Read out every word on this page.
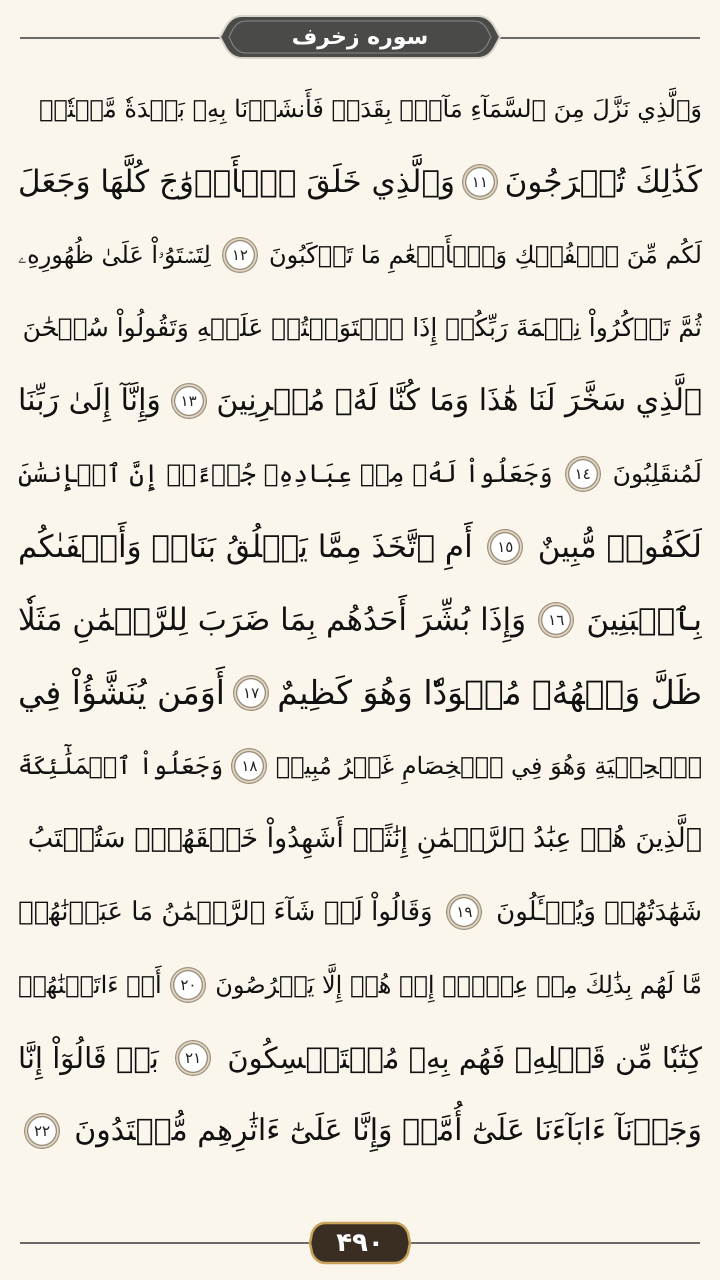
سوره زخرف
وَٱلَّذِي نَزَّلَ مِنَ ٱلسَّمَآءِ مَآءَۢ بِقَدَرٖ فَأَنشَرۡنَا بِهِۦ بَلۡدَةٗ مَّيۡتٗاۚ
كَذَٰلِكَ تُخۡرَجُونَ
١١
وَٱلَّذِي خَلَقَ ٱلۡأَزۡوَٰجَ كُلَّهَا وَجَعَلَ
لَكُم مِّنَ ٱلۡفُلۡكِ وَٱلۡأَنۡعَٰمِ مَا تَرۡكَبُونَ
١٢
لِتَسۡتَوُۥاْ عَلَىٰ ظُهُورِهِۦ
ثُمَّ تَذۡكُرُواْ نِعۡمَةَ رَبِّكُمۡ إِذَا ٱسۡتَوَيۡتُمۡ عَلَيۡهِ وَتَقُولُواْ سُبۡحَٰنَ
ٱلَّذِي سَخَّرَ لَنَا هَٰذَا وَمَا كُنَّا لَهُۥ مُقۡرِنِينَ
١٣
وَإِنَّآ إِلَىٰ رَبِّنَا
لَمُنقَلِبُونَ
١٤
وَجَعَلُواْ لَهُۥ مِنۡ عِبَادِهِۦ جُزۡءًاۚ إِنَّ ٱلۡإِنسَٰنَ
لَكَفُورٞ مُّبِينٌ
١٥
أَمِ ٱتَّخَذَ مِمَّا يَخۡلُقُ بَنَاتٖ وَأَصۡفَىٰكُم
بِٱلۡبَنِينَ
١٦
وَإِذَا بُشِّرَ أَحَدُهُم بِمَا ضَرَبَ لِلرَّحۡمَٰنِ مَثَلٗا
ظَلَّ وَجۡهُهُۥ مُسۡوَدّٗا وَهُوَ كَظِيمٌ
١٧
أَوَمَن يُنَشَّؤُاْ فِي
ٱلۡحِلۡيَةِ وَهُوَ فِي ٱلۡخِصَامِ غَيۡرُ مُبِينٖ
١٨
وَجَعَلُواْ ٱلۡمَلَٰٓئِكَةَ
ٱلَّذِينَ هُمۡ عِبَٰدُ ٱلرَّحۡمَٰنِ إِنَٰثًاۚ أَشَهِدُواْ خَلۡقَهُمۡۚ سَتُكۡتَبُ
شَهَٰدَتُهُمۡ وَيُسۡـَٔلُونَ
١٩
وَقَالُواْ لَوۡ شَآءَ ٱلرَّحۡمَٰنُ مَا عَبَدۡنَٰهُمۗ
مَّا لَهُم بِذَٰلِكَ مِنۡ عِلۡمٍۖ إِنۡ هُمۡ إِلَّا يَخۡرُصُونَ
٢٠
أَمۡ ءَاتَيۡنَٰهُمۡ
كِتَٰبٗا مِّن قَبۡلِهِۦ فَهُم بِهِۦ مُسۡتَمۡسِكُونَ
٢١
بَلۡ قَالُوٓاْ إِنَّا
وَجَدۡنَآ ءَابَآءَنَا عَلَىٰٓ أُمَّةٖ وَإِنَّا عَلَىٰٓ ءَاثَٰرِهِم مُّهۡتَدُونَ
٢٢
۴۹۰
